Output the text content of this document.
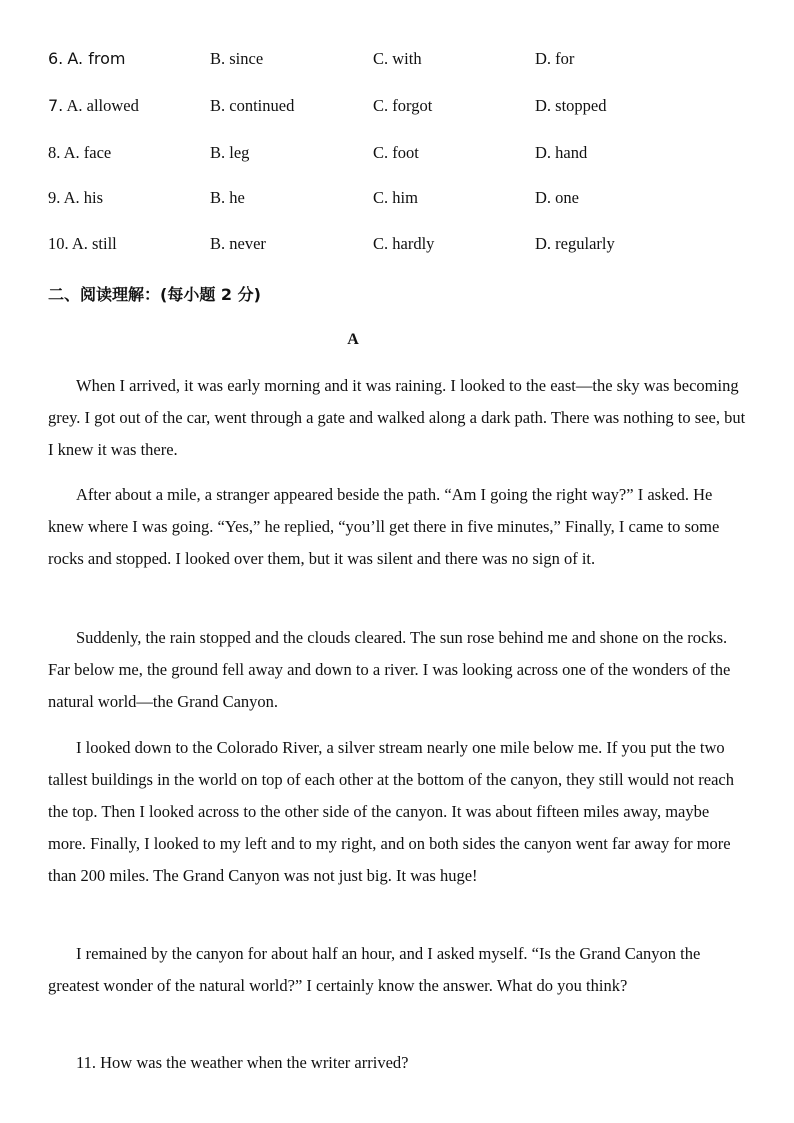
6. A. from	B. since	C. with	D. for
7. A. allowed	B. continued	C. forgot	D. stopped
8. A. face	B. leg	C. foot	D. hand
9. A. his	B. he	C. him	D. one
10. A. still	B. never	C. hardly	D. regularly
二、阅读理解：(每小题 2 分)
A

When I arrived, it was early morning and it was raining. I looked to the east—the sky was becoming grey. I got out of the car, went through a gate and walked along a dark path. There was nothing to see, but I knew it was there.

After about a mile, a stranger appeared beside the path. “Am I going the right way?” I asked. He knew where I was going. “Yes,” he replied, “you’ll get there in five minutes,” Finally, I came to some rocks and stopped. I looked over them, but it was silent and there was no sign of it.

Suddenly, the rain stopped and the clouds cleared. The sun rose behind me and shone on the rocks. Far below me, the ground fell away and down to a river. I was looking across one of the wonders of the natural world—the Grand Canyon.

I looked down to the Colorado River, a silver stream nearly one mile below me. If you put the two tallest buildings in the world on top of each other at the bottom of the canyon, they still would not reach the top. Then I looked across to the other side of the canyon. It was about fifteen miles away, maybe more. Finally, I looked to my left and to my right, and on both sides the canyon went far away for more than 200 miles. The Grand Canyon was not just big. It was huge!

I remained by the canyon for about half an hour, and I asked myself. “Is the Grand Canyon the greatest wonder of the natural world?” I certainly know the answer. What do you think?

11. How was the weather when the writer arrived?
